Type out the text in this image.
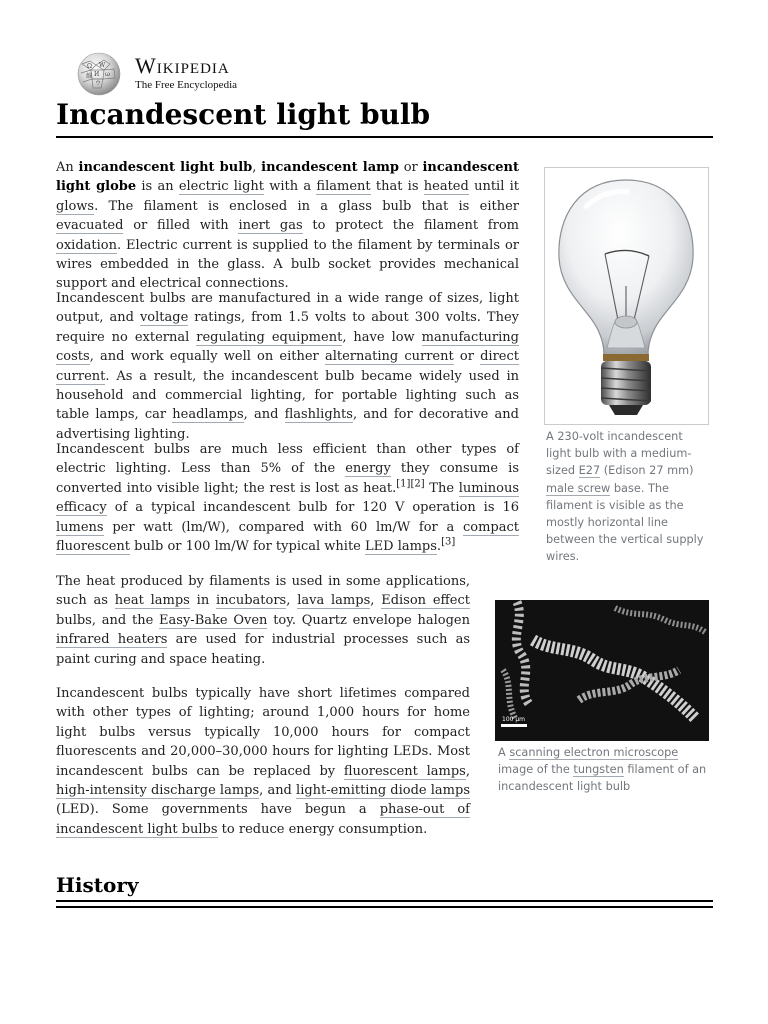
Ω W
И ω
維
ウ
Wikipedia
The Free Encyclopedia
Incandescent light bulb

An incandescent light bulb, incandescent lamp or incandescent light globe is an electric light with a filament that is heated until it glows. The filament is enclosed in a glass bulb that is either evacuated or filled with inert gas to protect the filament from oxidation. Electric current is supplied to the filament by terminals or wires embedded in the glass. A bulb socket provides mechanical support and electrical connections.

Incandescent bulbs are manufactured in a wide range of sizes, light output, and voltage ratings, from 1.5 volts to about 300 volts. They require no external regulating equipment, have low manufacturing costs, and work equally well on either alternating current or direct current. As a result, the incandescent bulb became widely used in household and commercial lighting, for portable lighting such as table lamps, car headlamps, and flashlights, and for decorative and advertising lighting.

Incandescent bulbs are much less efficient than other types of electric lighting. Less than 5% of the energy they consume is converted into visible light; the rest is lost as heat.[1][2] The luminous efficacy of a typical incandescent bulb for 120 V operation is 16 lumens per watt (lm/W), compared with 60 lm/W for a compact fluorescent bulb or 100 lm/W for typical white LED lamps.[3]

The heat produced by filaments is used in some applications, such as heat lamps in incubators, lava lamps, Edison effect bulbs, and the Easy-Bake Oven toy. Quartz envelope halogen infrared heaters are used for industrial processes such as paint curing and space heating.

Incandescent bulbs typically have short lifetimes compared with other types of lighting; around 1,000 hours for home light bulbs versus typically 10,000 hours for compact fluorescents and 20,000–30,000 hours for lighting LEDs. Most incandescent bulbs can be replaced by fluorescent lamps, high-intensity discharge lamps, and light-emitting diode lamps (LED). Some governments have begun a phase-out of incandescent light bulbs to reduce energy consumption.

A 230-volt incandescent light bulb with a medium-sized E27 (Edison 27 mm) male screw base. The filament is visible as the mostly horizontal line between the vertical supply wires.
100 μm
A scanning electron microscope image of the tungsten filament of an incandescent light bulb
History
